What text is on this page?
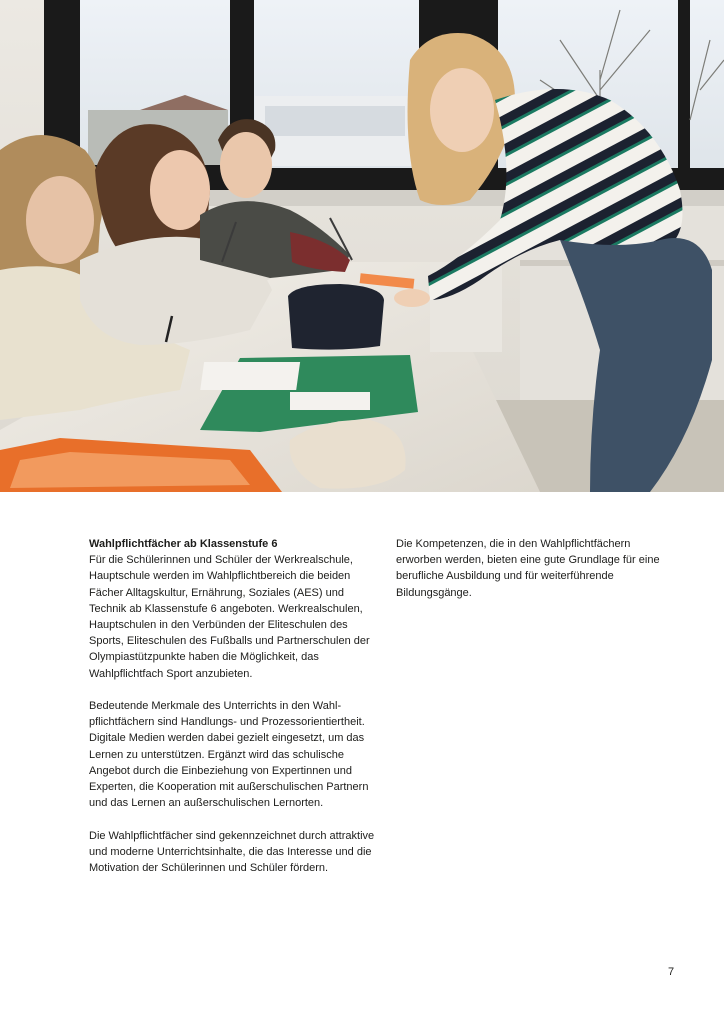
Wahlpflichtfächer ab Klassenstufe 6
Für die Schülerinnen und Schüler der Werkrealschule, Hauptschule werden im Wahlpflichtbereich die beiden Fächer Alltagskultur, Ernährung, Soziales (AES) und Technik ab Klassenstufe 6 angeboten. Werkrealschulen, Hauptschulen in den Verbünden der Eliteschulen des Sports, Eliteschulen des Fußballs und Partnerschulen der Olympiastützpunkte haben die Möglichkeit, das Wahlpflichtfach Sport anzubieten.

Bedeutende Merkmale des Unterrichts in den Wahlpflichtfächern sind Handlungs- und Prozessorientiertheit. Digitale Medien werden dabei gezielt eingesetzt, um das Lernen zu unterstützen. Ergänzt wird das schulische Angebot durch die Einbeziehung von Expertinnen und Experten, die Kooperation mit außerschulischen Partnern und das Lernen an außerschulischen Lernorten.

Die Wahlpflichtfächer sind gekennzeichnet durch attraktive und moderne Unterrichtsinhalte, die das Interesse und die Motivation der Schülerinnen und Schüler fördern.

Die Kompetenzen, die in den Wahlpflichtfächern erworben werden, bieten eine gute Grundlage für eine berufliche Ausbildung und für weiterführende Bildungsgänge.

7
